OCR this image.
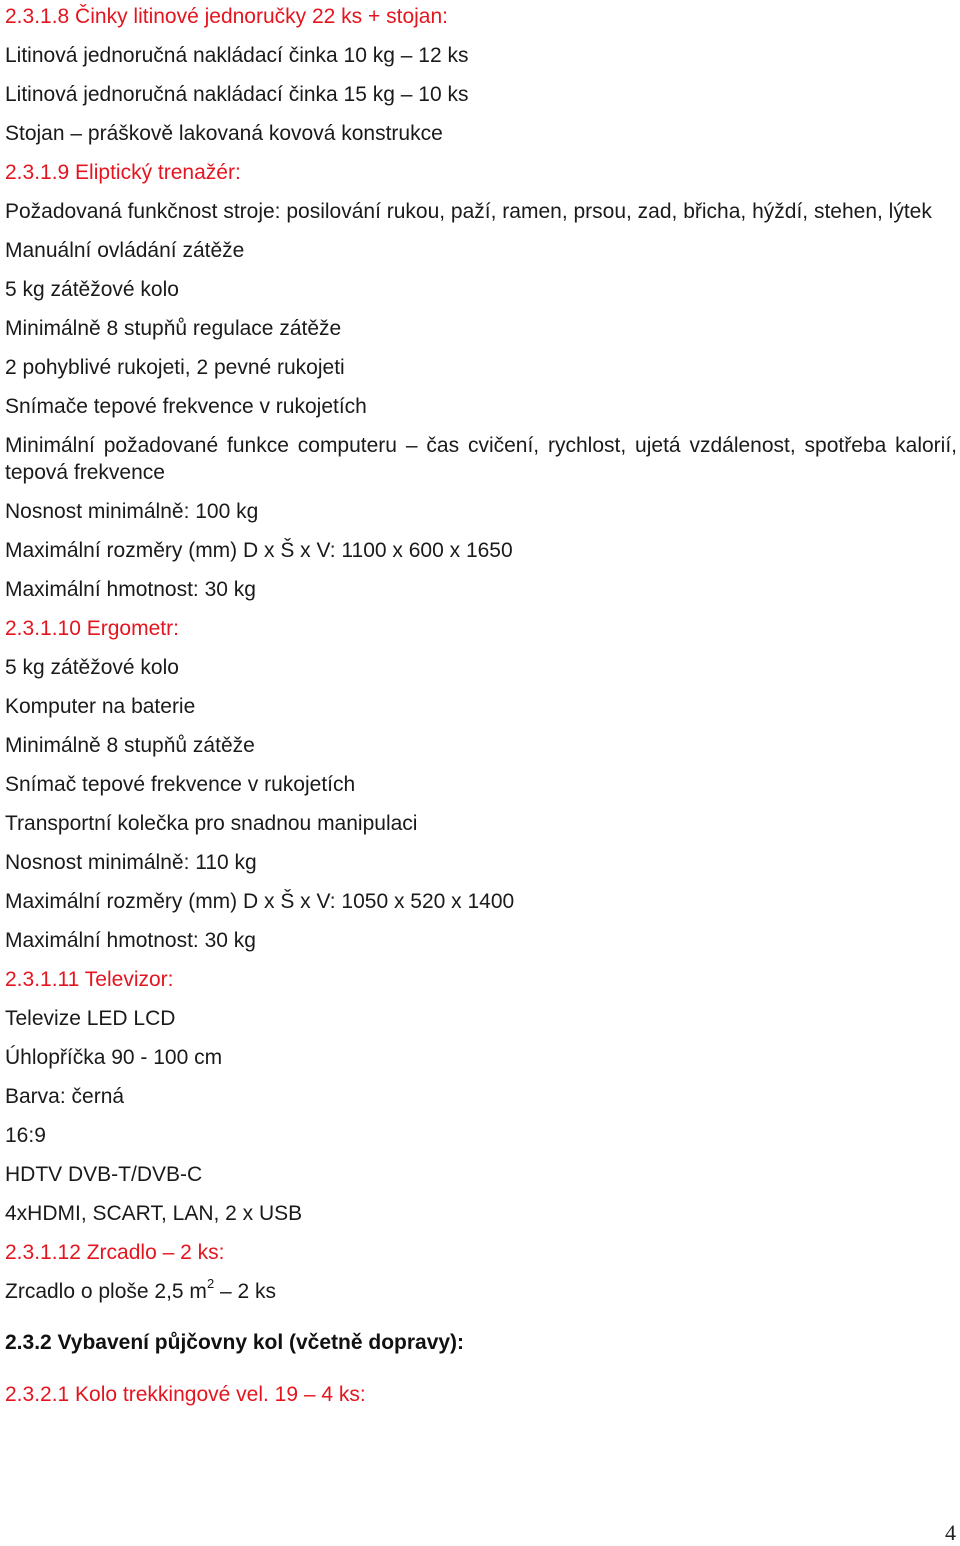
2.3.1.8 Činky litinové jednoručky 22 ks + stojan:
Litinová jednoručná nakládací činka 10 kg – 12 ks
Litinová jednoručná nakládací činka 15 kg – 10 ks
Stojan – práškově lakovaná kovová konstrukce
2.3.1.9 Eliptický trenažér:
Požadovaná funkčnost stroje: posilování rukou, paží, ramen, prsou, zad, břicha, hýždí, stehen, lýtek
Manuální ovládání zátěže
5 kg zátěžové kolo
Minimálně 8 stupňů regulace zátěže
2 pohyblivé rukojeti, 2 pevné rukojeti
Snímače tepové frekvence v rukojetích
Minimální požadované funkce computeru – čas cvičení, rychlost, ujetá vzdálenost, spotřeba kalorií, tepová frekvence
Nosnost minimálně: 100 kg
Maximální rozměry (mm) D x Š x V: 1100 x 600 x 1650
Maximální hmotnost: 30 kg
2.3.1.10 Ergometr:
5 kg zátěžové kolo
Komputer na baterie
Minimálně 8 stupňů zátěže
Snímač tepové frekvence v rukojetích
Transportní kolečka pro snadnou manipulaci
Nosnost minimálně: 110 kg
Maximální rozměry (mm) D x Š x V: 1050 x 520 x 1400
Maximální hmotnost: 30 kg
2.3.1.11 Televizor:
Televize LED LCD
Úhlopříčka 90 - 100 cm
Barva: černá
16:9
HDTV DVB-T/DVB-C
4xHDMI, SCART, LAN, 2 x USB
2.3.1.12 Zrcadlo – 2 ks:
Zrcadlo o ploše 2,5 $m^2 - 2$ ks
2.3.2 Vybavení půjčovny kol (včetně dopravy):
2.3.2.1 Kolo trekkingové vel. 19 – 4 ks:
4
